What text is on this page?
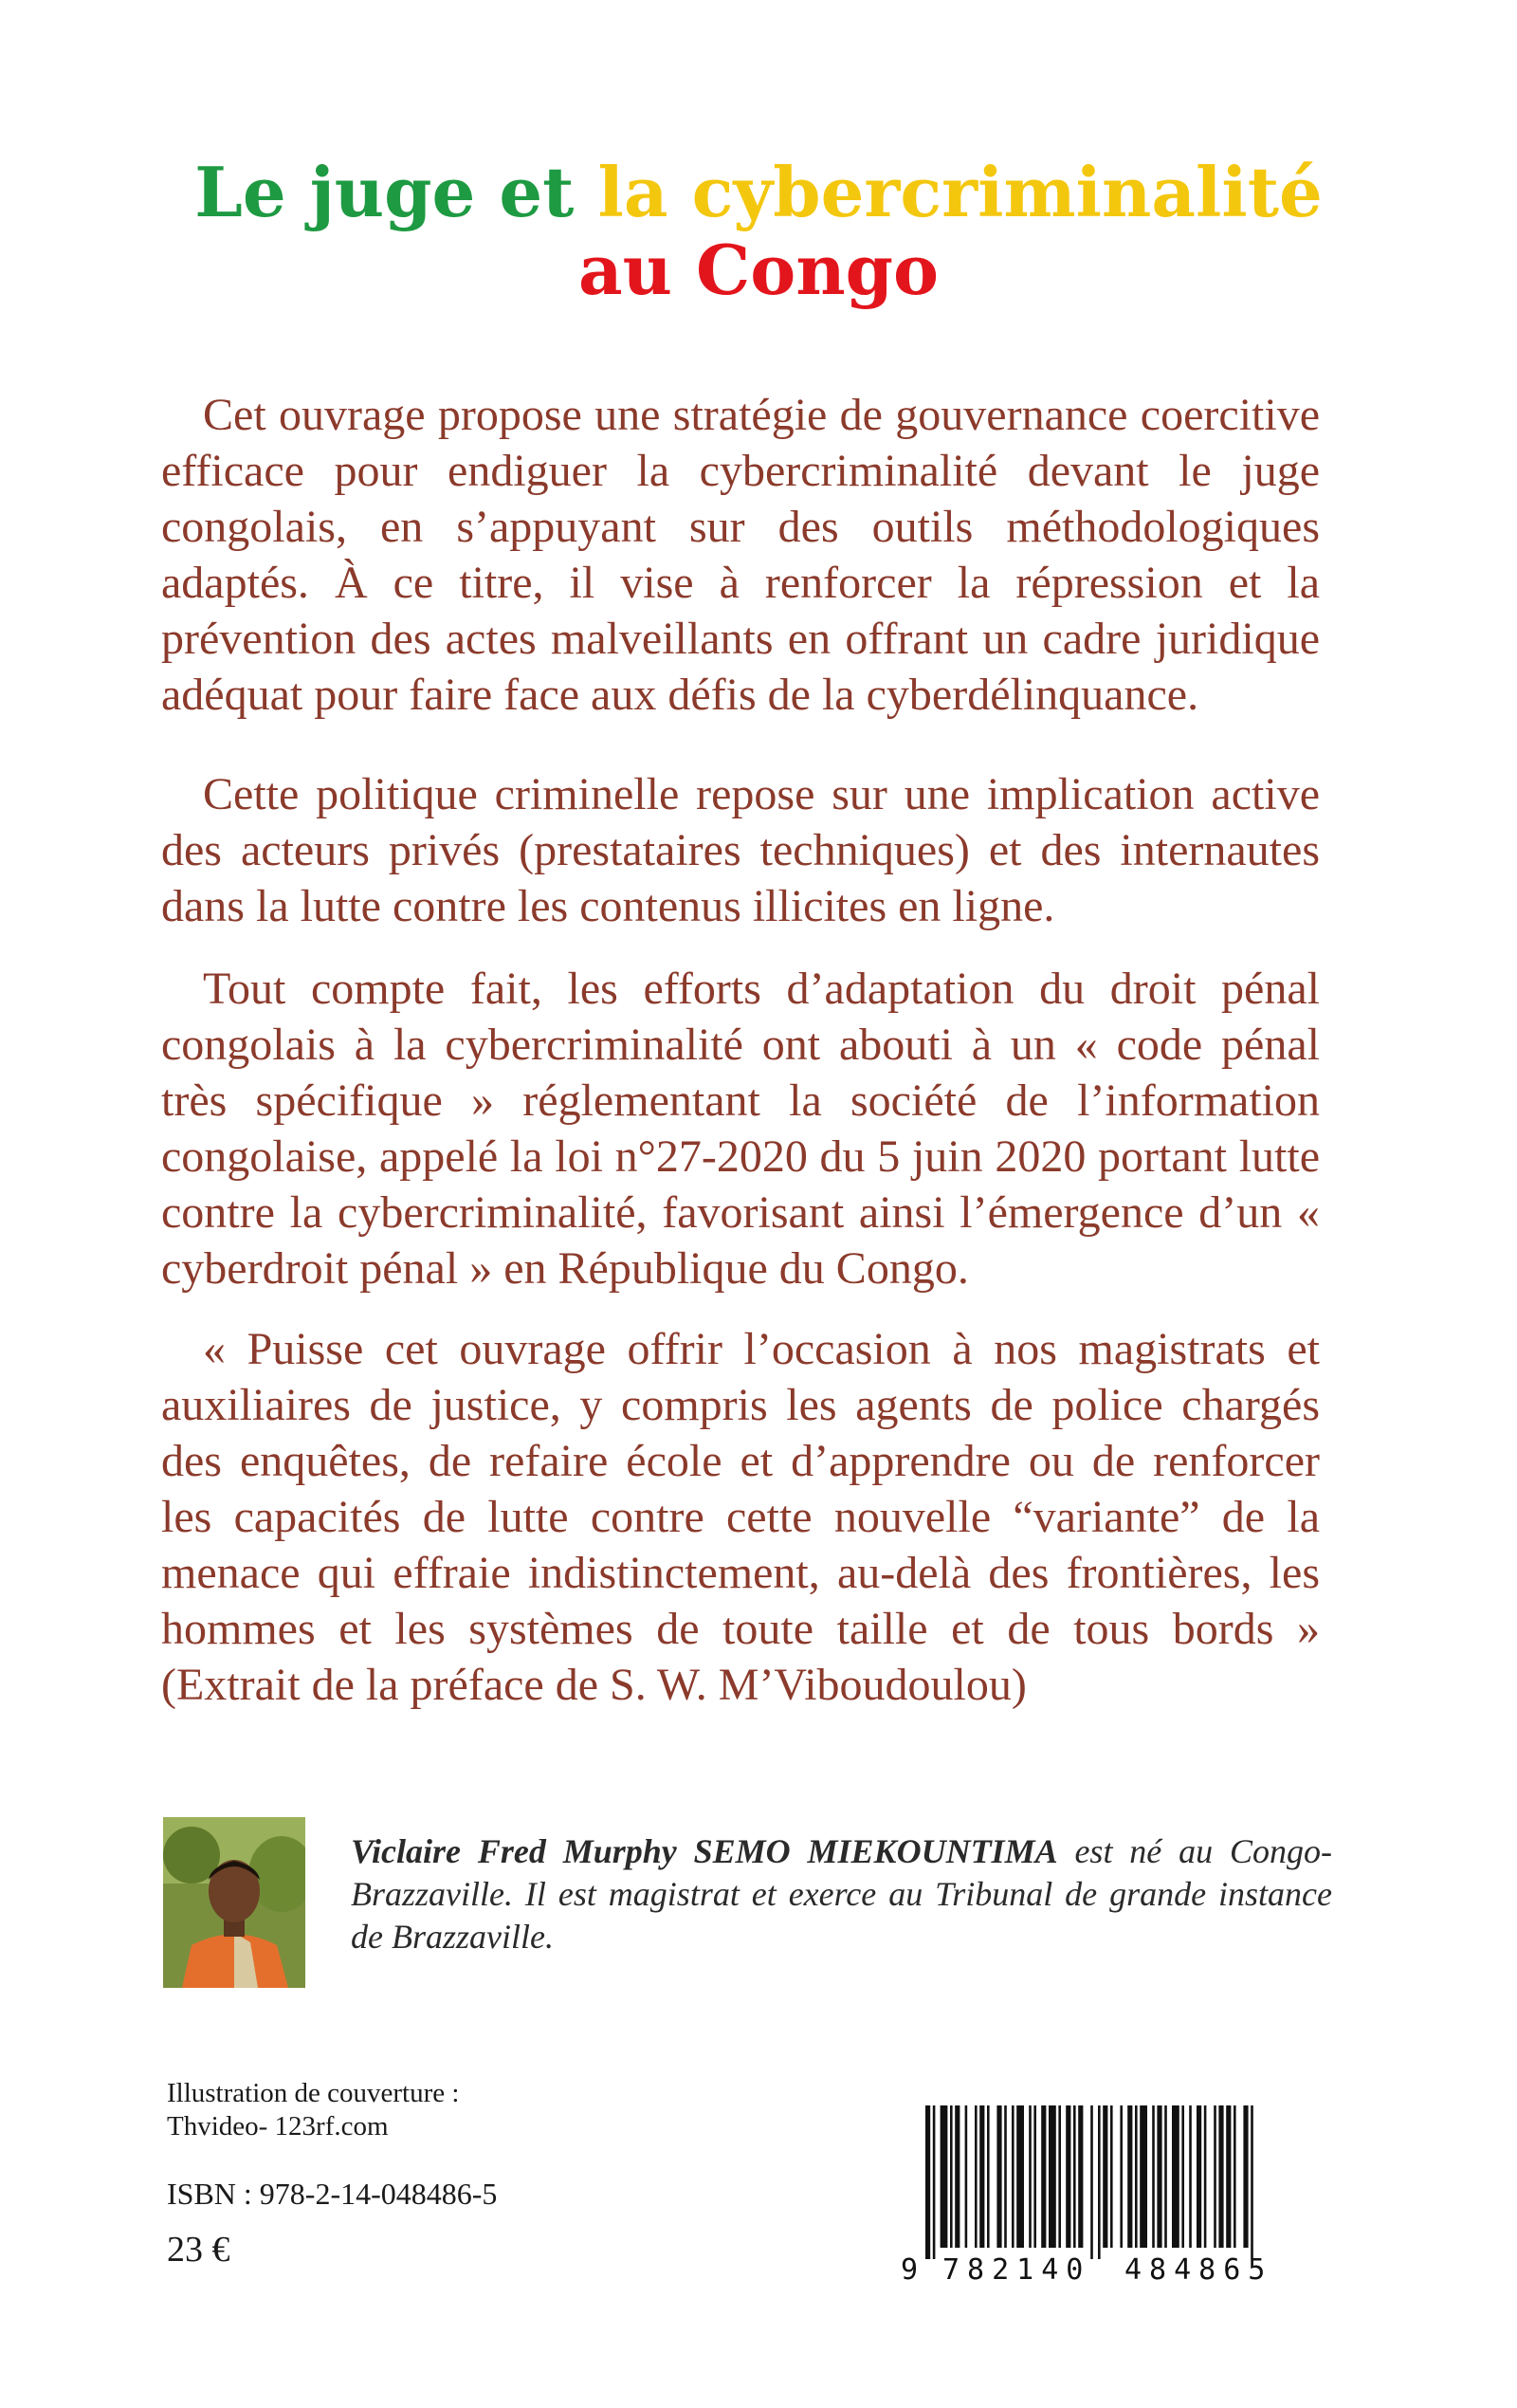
Le juge et la cybercriminalité
au Congo

Cet ouvrage propose une stratégie de gouvernance coercitive efficace pour endiguer la cybercriminalité devant le juge congolais, en s’appuyant sur des outils méthodologiques adaptés. À ce titre, il vise à renforcer la répression et la prévention des actes malveillants en offrant un cadre juridique adéquat pour faire face aux défis de la cyberdélinquance.

Cette politique criminelle repose sur une implication active des acteurs privés (prestataires techniques) et des internautes dans la lutte contre les contenus illicites en ligne.

Tout compte fait, les efforts d’adaptation du droit pénal congolais à la cybercriminalité ont abouti à un « code pénal très spécifique » réglementant la société de l’information congolaise, appelé la loi n°27-2020 du 5 juin 2020 portant lutte contre la cybercriminalité, favorisant ainsi l’émergence d’un « cyberdroit pénal » en République du Congo.

« Puisse cet ouvrage offrir l’occasion à nos magistrats et auxiliaires de justice, y compris les agents de police chargés des enquêtes, de refaire école et d’apprendre ou de renforcer les capacités de lutte contre cette nouvelle “variante” de la menace qui effraie indistinctement, au-delà des frontières, les hommes et les systèmes de toute taille et de tous bords » (Extrait de la préface de S. W. M’Viboudoulou)

Viclaire Fred Murphy SEMO MIEKOUNTIMA est né au Congo-Brazzaville. Il est magistrat et exerce au Tribunal de grande instance de Brazzaville.

Illustration de couverture :
Thvideo- 123rf.com
ISBN : 978-2-14-048486-5
23 €
9 782140 484865
